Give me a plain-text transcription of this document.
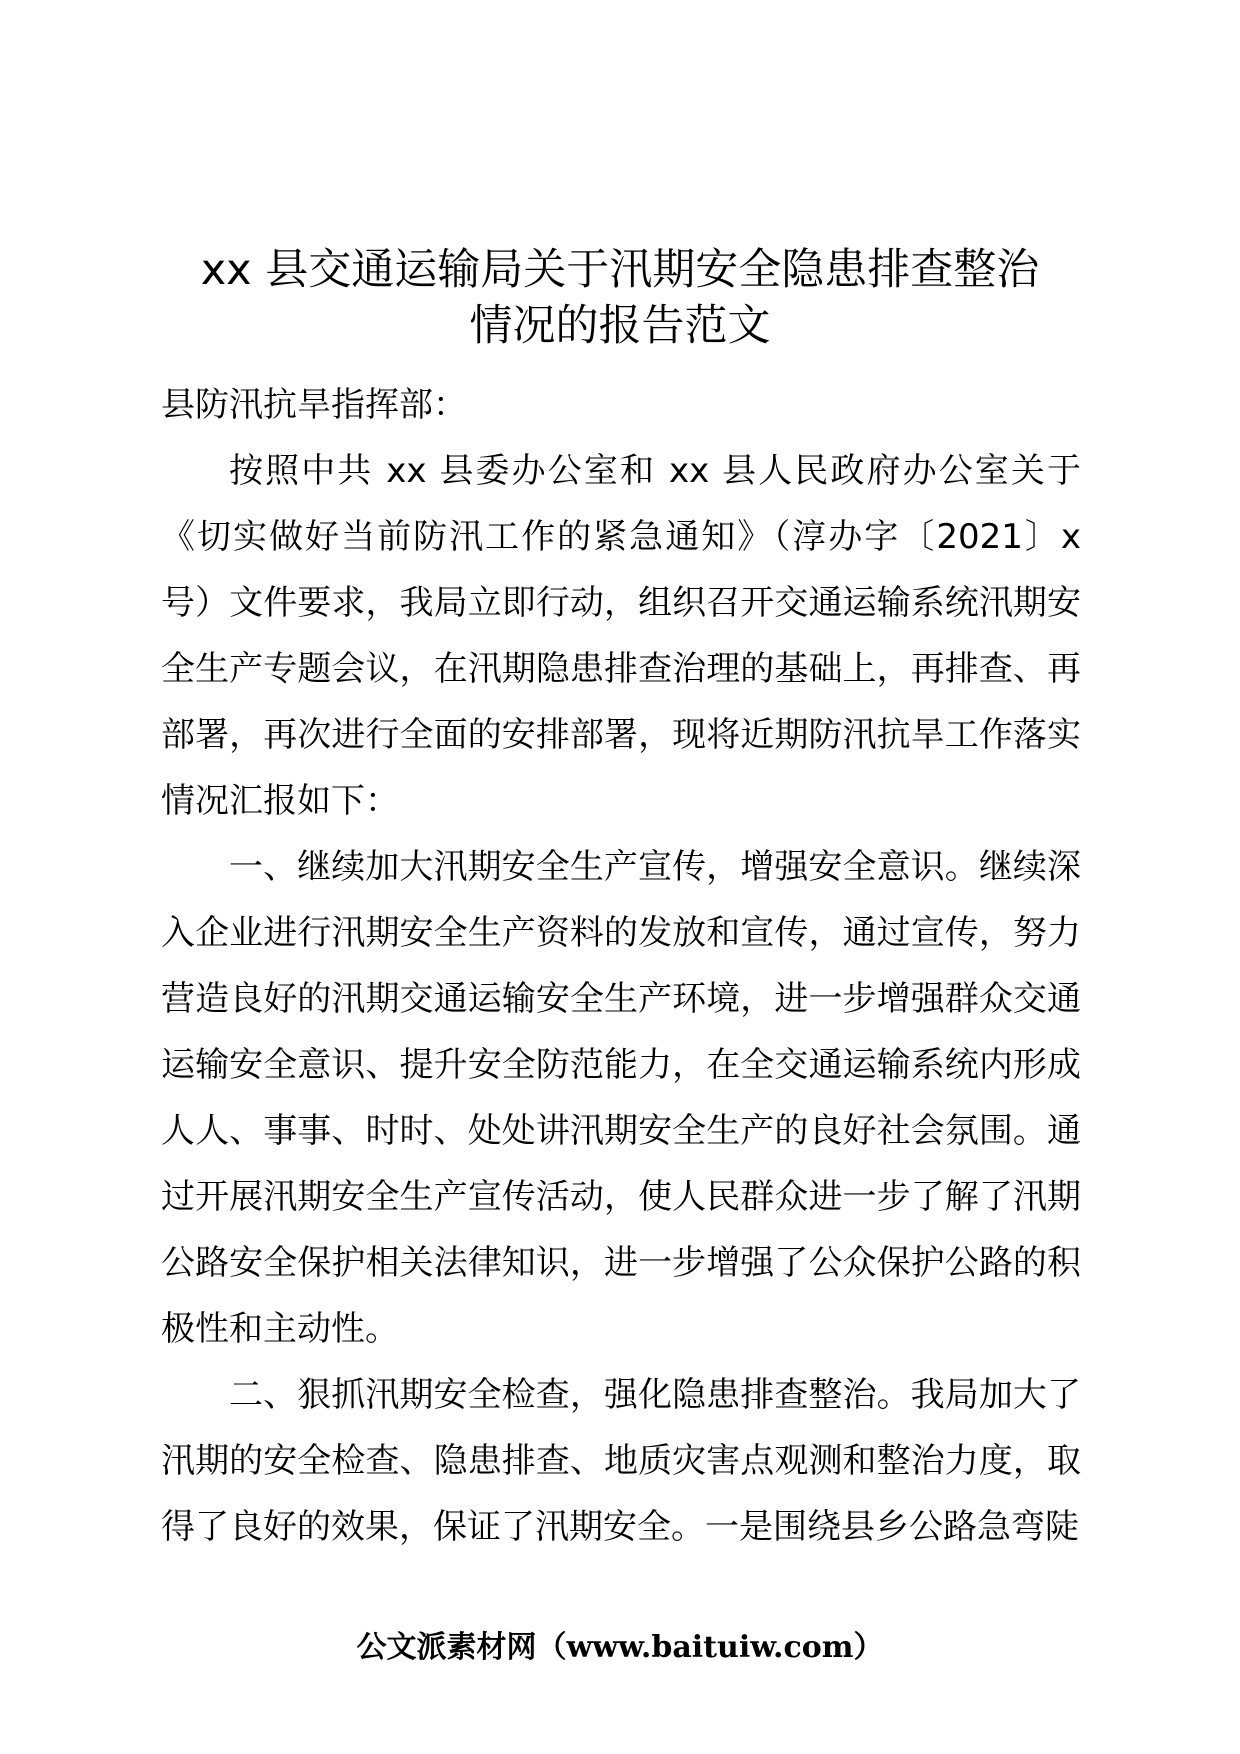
xx 县交通运输局关于汛期安全隐患排查整治
情况的报告范文

县防汛抗旱指挥部：

按照中共 xx 县委办公室和 xx 县人民政府办公室关于《切实做好当前防汛工作的紧急通知》（淳办字〔2021〕x 号）文件要求，我局立即行动，组织召开交通运输系统汛期安全生产专题会议，在汛期隐患排查治理的基础上，再排查、再部署，再次进行全面的安排部署，现将近期防汛抗旱工作落实情况汇报如下：

一、继续加大汛期安全生产宣传，增强安全意识。继续深入企业进行汛期安全生产资料的发放和宣传，通过宣传，努力营造良好的汛期交通运输安全生产环境，进一步增强群众交通运输安全意识、提升安全防范能力，在全交通运输系统内形成人人、事事、时时、处处讲汛期安全生产的良好社会氛围。通过开展汛期安全生产宣传活动，使人民群众进一步了解了汛期公路安全保护相关法律知识，进一步增强了公众保护公路的积极性和主动性。

二、狠抓汛期安全检查，强化隐患排查整治。我局加大了汛期的安全检查、隐患排查、地质灾害点观测和整治力度，取得了良好的效果，保证了汛期安全。一是围绕县乡公路急弯陡

公文派素材网（www.baituiw.com）
